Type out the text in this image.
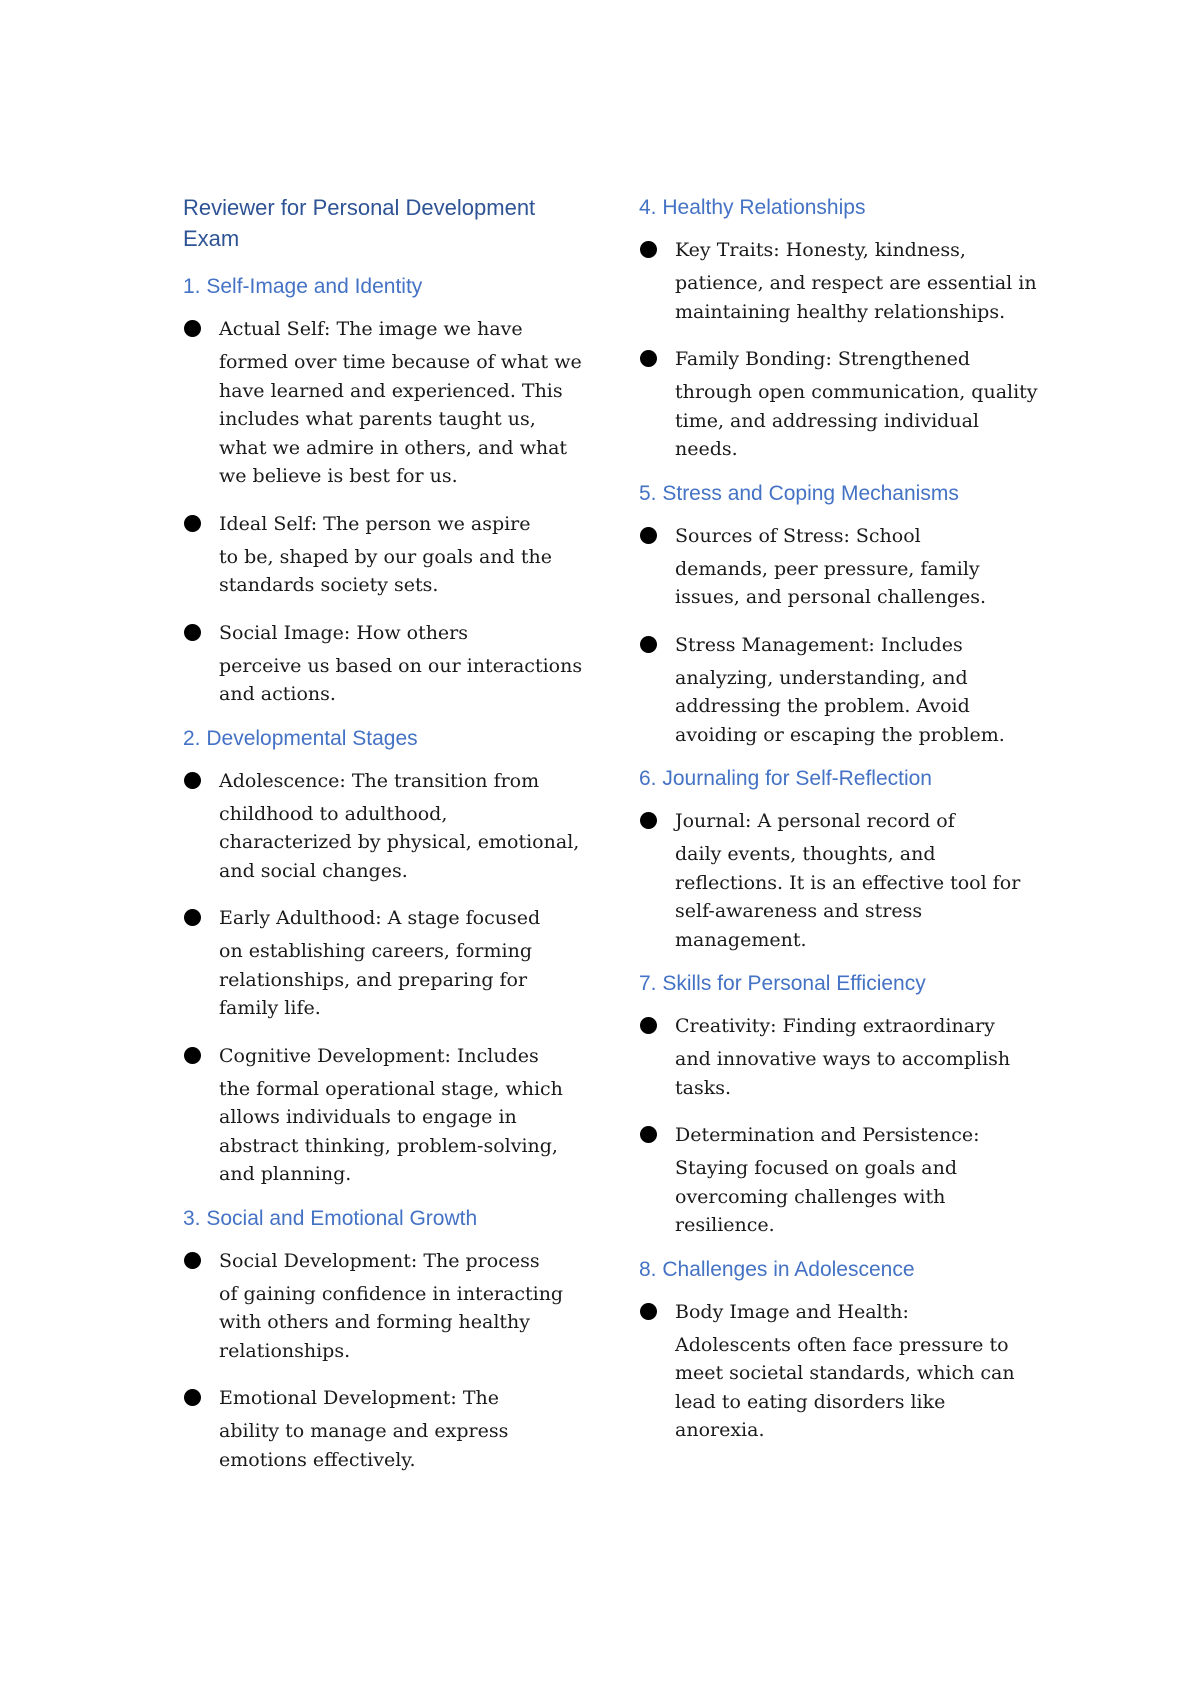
Reviewer for Personal Development Exam
1. Self-Image and Identity
Actual Self: The image we have
formed over time because of what we have learned and experienced. This includes what parents taught us, what we admire in others, and what we believe is best for us.
Ideal Self: The person we aspire
to be, shaped by our goals and the standards society sets.
Social Image: How others
perceive us based on our interactions and actions.
2. Developmental Stages
Adolescence: The transition from
childhood to adulthood, characterized by physical, emotional, and social changes.
Early Adulthood: A stage focused
on establishing careers, forming relationships, and preparing for family life.
Cognitive Development: Includes
the formal operational stage, which allows individuals to engage in abstract thinking, problem-solving, and planning.
3. Social and Emotional Growth
Social Development: The process
of gaining confidence in interacting with others and forming healthy relationships.
Emotional Development: The
ability to manage and express emotions effectively.
4. Healthy Relationships
Key Traits: Honesty, kindness,
patience, and respect are essential in maintaining healthy relationships.
Family Bonding: Strengthened
through open communication, quality time, and addressing individual needs.
5. Stress and Coping Mechanisms
Sources of Stress: School
demands, peer pressure, family issues, and personal challenges.
Stress Management: Includes
analyzing, understanding, and addressing the problem. Avoid avoiding or escaping the problem.
6. Journaling for Self-Reflection
Journal: A personal record of
daily events, thoughts, and reflections. It is an effective tool for self-awareness and stress management.
7. Skills for Personal Efficiency
Creativity: Finding extraordinary
and innovative ways to accomplish tasks.
Determination and Persistence:
Staying focused on goals and overcoming challenges with resilience.
8. Challenges in Adolescence
Body Image and Health:
Adolescents often face pressure to meet societal standards, which can lead to eating disorders like anorexia.
